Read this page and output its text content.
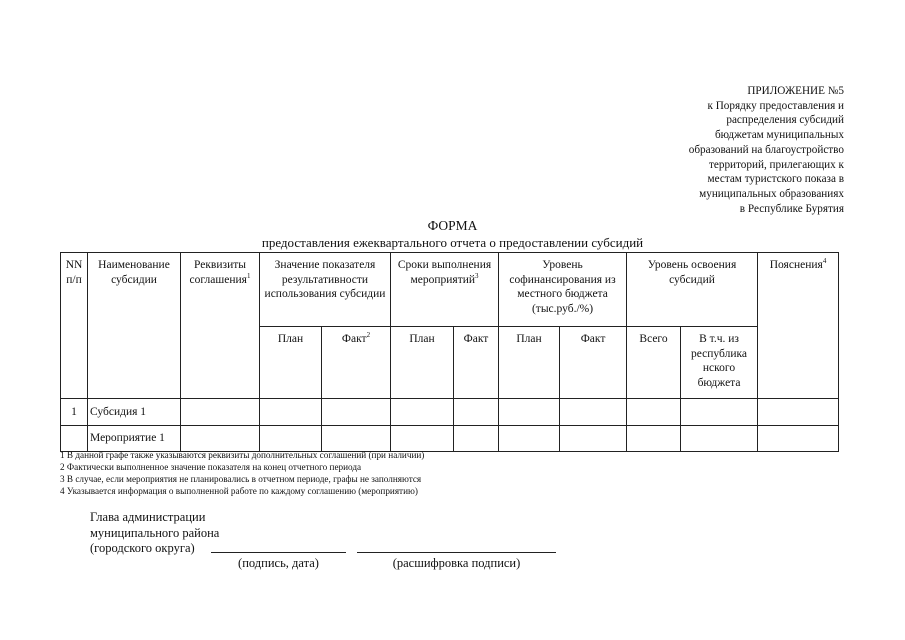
ПРИЛОЖЕНИЕ №5
к Порядку предоставления и
распределения субсидий
бюджетам муниципальных
образований на благоустройство
территорий, прилегающих к
местам туристского показа в
муниципальных образованиях
в Республике Бурятия
ФОРМА
предоставления ежеквартального отчета о предоставлении субсидий
NN п/п	Наименование субсидии	Реквизиты соглашения$^1$	Значение показателя результативности использования субсидии		Сроки выполнения мероприятий$^3$		Уровень софинансирования из местного бюджета (тыс.руб./%)		Уровень освоения субсидий		Пояснения$^4$
			План	Факт$^2$	План	Факт	План	Факт	Всего	В т.ч. из республика нского бюджета	
1	Субсидия 1										
	Мероприятие 1										
1 В данной графе также указываются реквизиты дополнительных соглашений (при наличии)
2 Фактически выполненное значение показателя на конец отчетного периода
3 В случае, если мероприятия не планировались в отчетном периоде, графы не заполняются
4 Указывается информация о выполненной работе по каждому соглашению (мероприятию)
Глава администрации
муниципального района
(городского округа)
(подпись, дата)	(расшифровка подписи)
